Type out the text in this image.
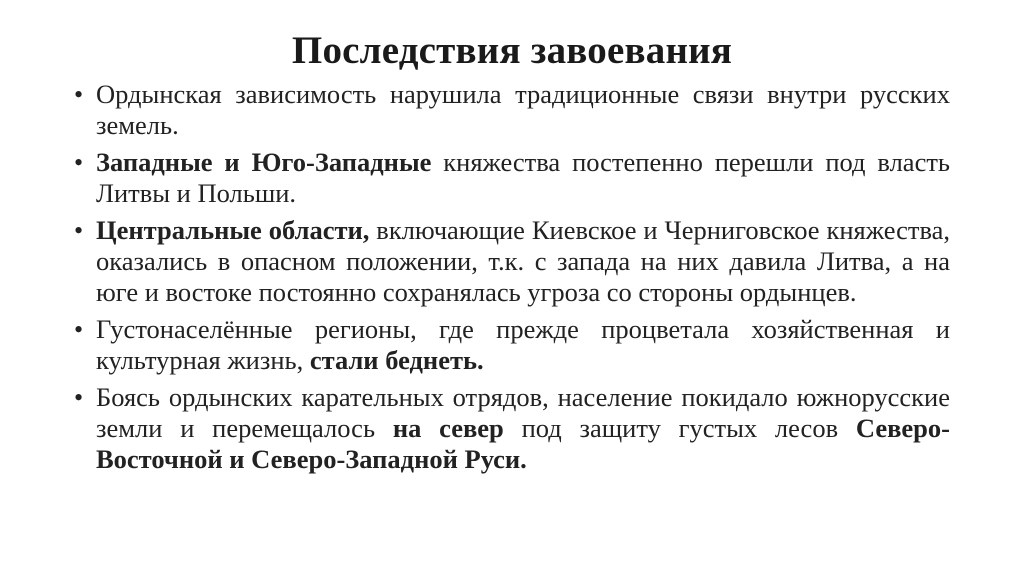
Последствия завоевания
• Ордынская зависимость нарушила традиционные связи внутри русских земель.
• Западные и Юго-Западные княжества постепенно перешли под власть Литвы и Польши.
• Центральные области, включающие Киевское и Черниговское княжества, оказались в опасном положении, т.к. с запада на них давила Литва, а на юге и востоке постоянно сохранялась угроза со стороны ордынцев.
• Густонаселённые регионы, где прежде процветала хозяйственная и культурная жизнь, стали беднеть.
• Боясь ордынских карательных отрядов, население покидало южнорусские земли и перемещалось на север под защиту густых лесов Северо-Восточной и Северо-Западной Руси.
